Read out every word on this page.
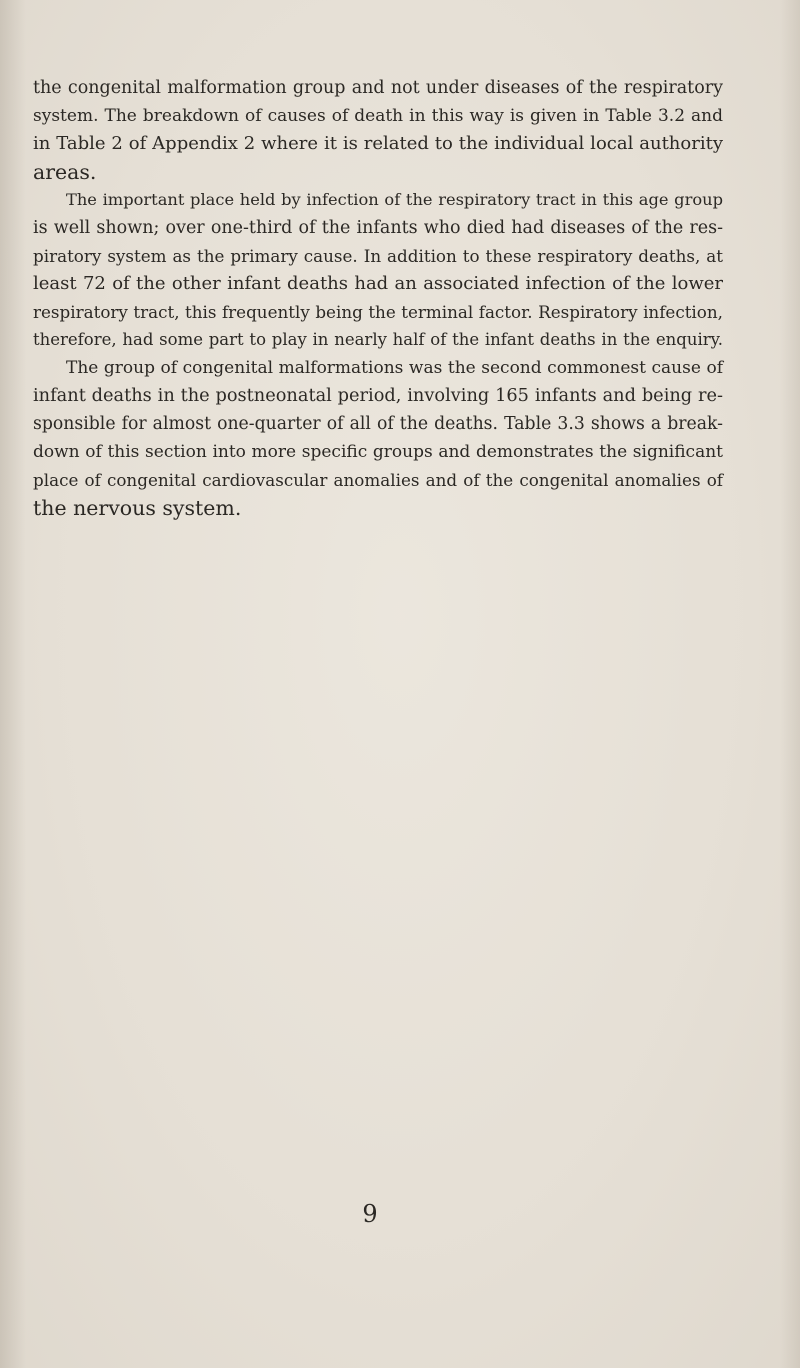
the congenital malformation group and not under diseases of the respiratory
system. The breakdown of causes of death in this way is given in Table 3.2 and
in Table 2 of Appendix 2 where it is related to the individual local authority
areas.
The important place held by infection of the respiratory tract in this age group
is well shown; over one-third of the infants who died had diseases of the res-
piratory system as the primary cause. In addition to these respiratory deaths, at
least 72 of the other infant deaths had an associated infection of the lower
respiratory tract, this frequently being the terminal factor. Respiratory infection,
therefore, had some part to play in nearly half of the infant deaths in the enquiry.
The group of congenital malformations was the second commonest cause of
infant deaths in the postneonatal period, involving 165 infants and being re-
sponsible for almost one-quarter of all of the deaths. Table 3.3 shows a break-
down of this section into more specific groups and demonstrates the significant
place of congenital cardiovascular anomalies and of the congenital anomalies of
the nervous system.
9
